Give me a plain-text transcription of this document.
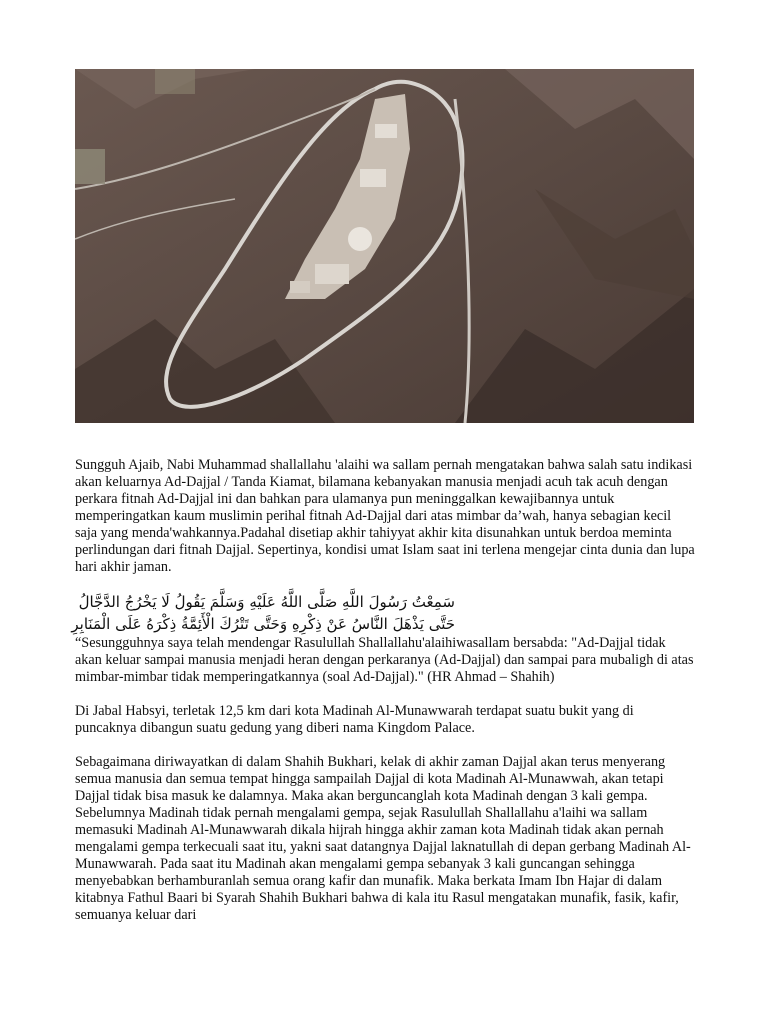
Sungguh Ajaib, Nabi Muhammad shallallahu 'alaihi wa sallam pernah mengatakan bahwa salah satu indikasi akan keluarnya Ad-Dajjal / Tanda Kiamat, bilamana kebanyakan manusia menjadi acuh tak acuh dengan perkara fitnah Ad-Dajjal ini dan bahkan para ulamanya pun meninggalkan kewajibannya untuk memperingatkan kaum muslimin perihal fitnah Ad-Dajjal dari atas mimbar da’wah, hanya sebagian kecil saja yang menda'wahkannya.Padahal disetiap akhir tahiyyat akhir kita disunahkan untuk berdoa meminta perlindungan dari fitnah Dajjal. Sepertinya, kondisi umat Islam saat ini terlena mengejar cinta dunia dan lupa hari akhir jaman.

سَمِعْتُ رَسُولَ اللَّهِ صَلَّى اللَّهُ عَلَيْهِ وَسَلَّمَ يَقُولُ لَا يَخْرُجُ الدَّجَّالُ
حَتَّى يَذْهَلَ النَّاسُ عَنْ ذِكْرِهِ وَحَتَّى تَتْرُكَ الْأَئِمَّةُ ذِكْرَهُ عَلَى الْمَنَابِرِ

“Sesungguhnya saya telah mendengar Rasulullah Shallallahu'alaihiwasallam bersabda: "Ad-Dajjal tidak akan keluar sampai manusia menjadi heran dengan perkaranya (Ad-Dajjal) dan sampai para mubaligh di atas mimbar-mimbar tidak memperingatkannya (soal Ad-Dajjal)." (HR Ahmad – Shahih)

Di Jabal Habsyi, terletak 12,5 km dari kota Madinah Al-Munawwarah terdapat suatu bukit yang di puncaknya dibangun suatu gedung yang diberi nama Kingdom Palace.

Sebagaimana diriwayatkan di dalam Shahih Bukhari, kelak di akhir zaman Dajjal akan terus menyerang semua manusia dan semua tempat hingga sampailah Dajjal di kota Madinah Al-Munawwah, akan tetapi Dajjal tidak bisa masuk ke dalamnya. Maka akan berguncanglah kota Madinah dengan 3 kali gempa. Sebelumnya Madinah tidak pernah mengalami gempa, sejak Rasulullah Shallallahu a'laihi wa sallam memasuki Madinah Al-Munawwarah dikala hijrah hingga akhir zaman kota Madinah tidak akan pernah mengalami gempa terkecuali saat itu, yakni saat datangnya Dajjal laknatullah di depan gerbang Madinah Al-Munawwarah. Pada saat itu Madinah akan mengalami gempa sebanyak 3 kali guncangan sehingga menyebabkan berhamburanlah semua orang kafir dan munafik. Maka berkata Imam Ibn Hajar di dalam kitabnya Fathul Baari bi Syarah Shahih Bukhari bahwa di kala itu Rasul mengatakan munafik, fasik, kafir, semuanya keluar dari
